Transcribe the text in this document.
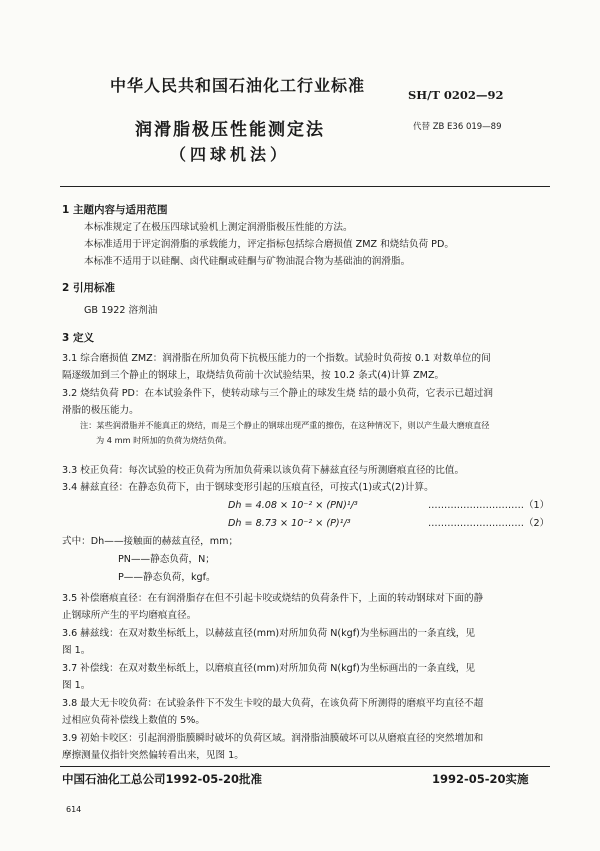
中华人民共和国石油化工行业标准	SH/T 0202—92
润滑脂极压性能测定法
（四球机法）
代替 ZB E36 019—89
1 主题内容与适用范围
本标准规定了在极压四球试验机上测定润滑脂极压性能的方法。
本标准适用于评定润滑脂的承载能力，评定指标包括综合磨损值 ZMZ 和烧结负荷 PD。
本标准不适用于以硅酮、卤代硅酮或硅酮与矿物油混合物为基础油的润滑脂。
2 引用标准
GB 1922 溶剂油
3 定义
3.1 综合磨损值 ZMZ：润滑脂在所加负荷下抗极压能力的一个指数。试验时负荷按 0.1 对数单位的间
隔逐级加到三个静止的钢球上，取烧结负荷前十次试验结果，按 10.2 条式(4)计算 ZMZ。
3.2 烧结负荷 PD：在本试验条件下，使转动球与三个静止的球发生烧 结的最小负荷，它表示已超过润
滑脂的极压能力。
注：某些润滑脂并不能真正的烧结，而是三个静止的钢球出现严重的擦伤，在这种情况下，则以产生最大磨痕直径
为 4 mm 时所加的负荷为烧结负荷。
3.3 校正负荷：每次试验的校正负荷为所加负荷乘以该负荷下赫兹直径与所测磨痕直径的比值。
3.4 赫兹直径：在静态负荷下，由于钢球变形引起的压痕直径，可按式(1)或式(2)计算。
Dh = 4.08 × 10⁻² × (PN)¹/³	…………………………（1）
Dh = 8.73 × 10⁻² × (P)¹/³	…………………………（2）
式中：Dh——接触面的赫兹直径，mm；
PN——静态负荷，N；
P——静态负荷，kgf。
3.5 补偿磨痕直径：在有润滑脂存在但不引起卡咬或烧结的负荷条件下，上面的转动钢球对下面的静
止钢球所产生的平均磨痕直径。
3.6 赫兹线：在双对数坐标纸上，以赫兹直径(mm)对所加负荷 N(kgf)为坐标画出的一条直线，见
图 1。
3.7 补偿线：在双对数坐标纸上，以磨痕直径(mm)对所加负荷 N(kgf)为坐标画出的一条直线，见
图 1。
3.8 最大无卡咬负荷：在试验条件下不发生卡咬的最大负荷，在该负荷下所测得的磨痕平均直径不超
过相应负荷补偿线上数值的 5%。
3.9 初始卡咬区：引起润滑脂膜瞬时破坏的负荷区域。润滑脂油膜破坏可以从磨痕直径的突然增加和
摩擦测量仪指针突然偏转看出来，见图 1。
中国石油化工总公司1992-05-20批准	1992-05-20实施
614
